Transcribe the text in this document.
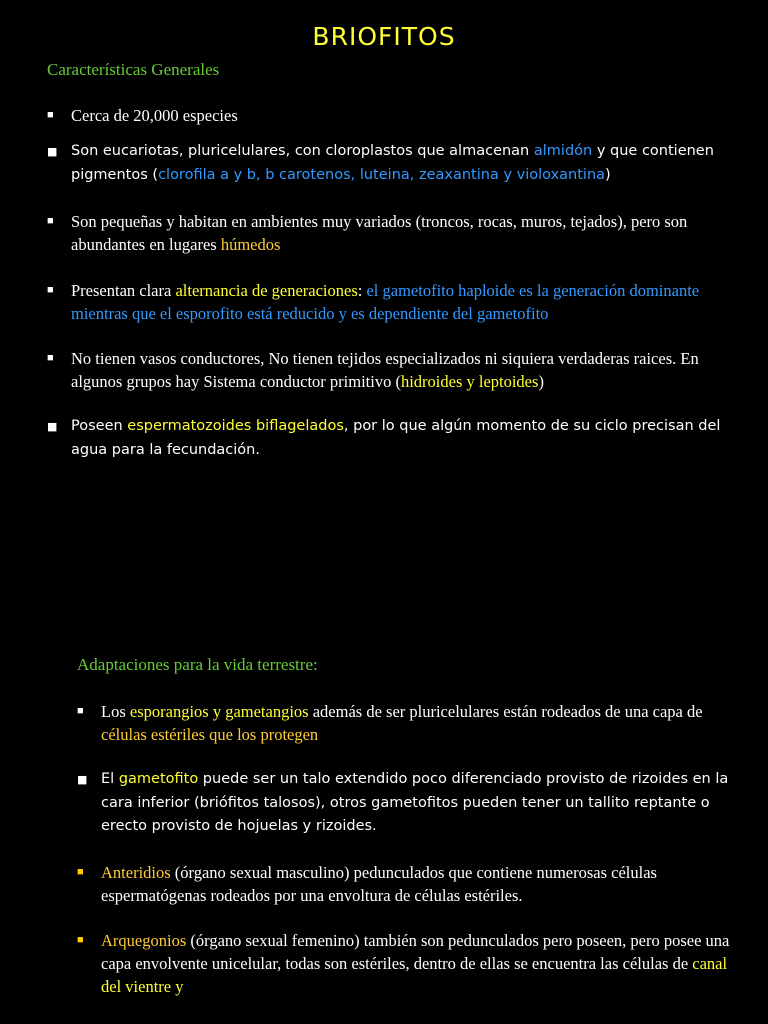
BRIOFITOS
Características Generales
■ Cerca de 20,000 especies
■ Son eucariotas, pluricelulares, con cloroplastos que almacenan almidón y que contienen pigmentos (clorofila a y b, b carotenos, luteina, zeaxantina y violoxantina)
■ Son pequeñas y habitan en ambientes muy variados (troncos, rocas, muros, tejados), pero son abundantes en lugares húmedos
■ Presentan clara alternancia de generaciones: el gametofito haploide es la generación dominante mientras que el esporofito está reducido y es dependiente del gametofito
■ No tienen vasos conductores, No tienen tejidos especializados ni siquiera verdaderas raices. En algunos grupos hay Sistema conductor primitivo (hidroides y leptoides)
■ Poseen espermatozoides biflagelados, por lo que algún momento de su ciclo precisan del agua para la fecundación.
Adaptaciones para la vida terrestre:
■ Los esporangios y gametangios además de ser pluricelulares están rodeados de una capa de células estériles que los protegen
■ El gametofito puede ser un talo extendido poco diferenciado provisto de rizoides en la cara inferior (briófitos talosos), otros gametofitos pueden tener un tallito reptante o erecto provisto de hojuelas y rizoides.
■ Anteridios (órgano sexual masculino) pedunculados que contiene numerosas células espermatógenas rodeados por una envoltura de células estériles.
■ Arquegonios (órgano sexual femenino) también son pedunculados pero poseen, pero posee una capa envolvente unicelular, todas son estériles, dentro de ellas se encuentra las células de canal del vientre y
